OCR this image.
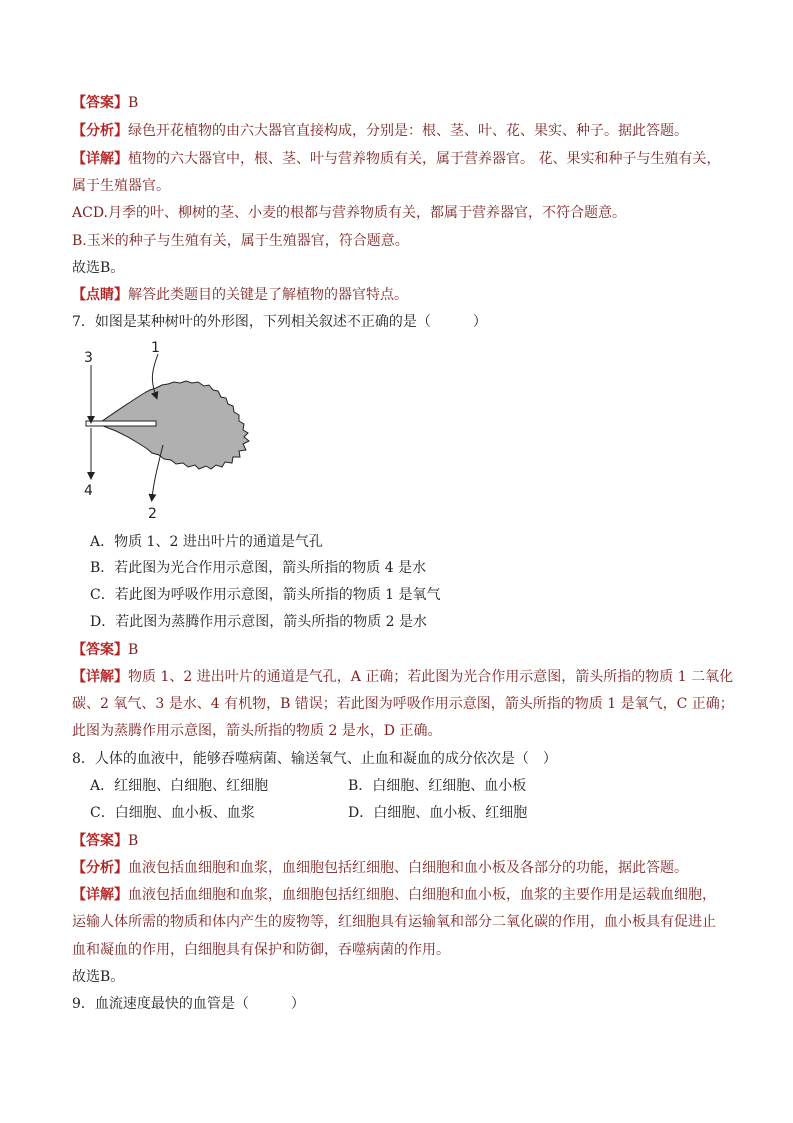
【答案】B
【分析】绿色开花植物的由六大器官直接构成，分别是：根、茎、叶、花、果实、种子。据此答题。
【详解】植物的六大器官中，根、茎、叶与营养物质有关，属于营养器官。 花、果实和种子与生殖有关，
属于生殖器官。
ACD.月季的叶、柳树的茎、小麦的根都与营养物质有关，都属于营养器官，不符合题意。
B.玉米的种子与生殖有关，属于生殖器官，符合题意。
故选B。
【点睛】解答此类题目的关键是了解植物的器官特点。
7．如图是某种树叶的外形图，下列相关叙述不正确的是（　　　）
1
3
4
2
A．物质 1、2 进出叶片的通道是气孔
B．若此图为光合作用示意图，箭头所指的物质 4 是水
C．若此图为呼吸作用示意图，箭头所指的物质 1 是氧气
D．若此图为蒸腾作用示意图，箭头所指的物质 2 是水
【答案】B
【详解】物质 1、2 进出叶片的通道是气孔，A 正确；若此图为光合作用示意图，箭头所指的物质 1 二氧化
碳、2 氧气、3 是水、4 有机物，B 错误；若此图为呼吸作用示意图，箭头所指的物质 1 是氧气，C 正确；
此图为蒸腾作用示意图，箭头所指的物质 2 是水，D 正确。
8．人体的血液中，能够吞噬病菌、输送氧气、止血和凝血的成分依次是（　）
A．红细胞、白细胞、红细胞	B．白细胞、红细胞、血小板
C．白细胞、血小板、血浆	D．白细胞、血小板、红细胞
【答案】B
【分析】血液包括血细胞和血浆，血细胞包括红细胞、白细胞和血小板及各部分的功能，据此答题。
【详解】血液包括血细胞和血浆，血细胞包括红细胞、白细胞和血小板，血浆的主要作用是运载血细胞，
运输人体所需的物质和体内产生的废物等，红细胞具有运输氧和部分二氧化碳的作用，血小板具有促进止
血和凝血的作用，白细胞具有保护和防御，吞噬病菌的作用。
故选B。
9．血流速度最快的血管是（　　　）
